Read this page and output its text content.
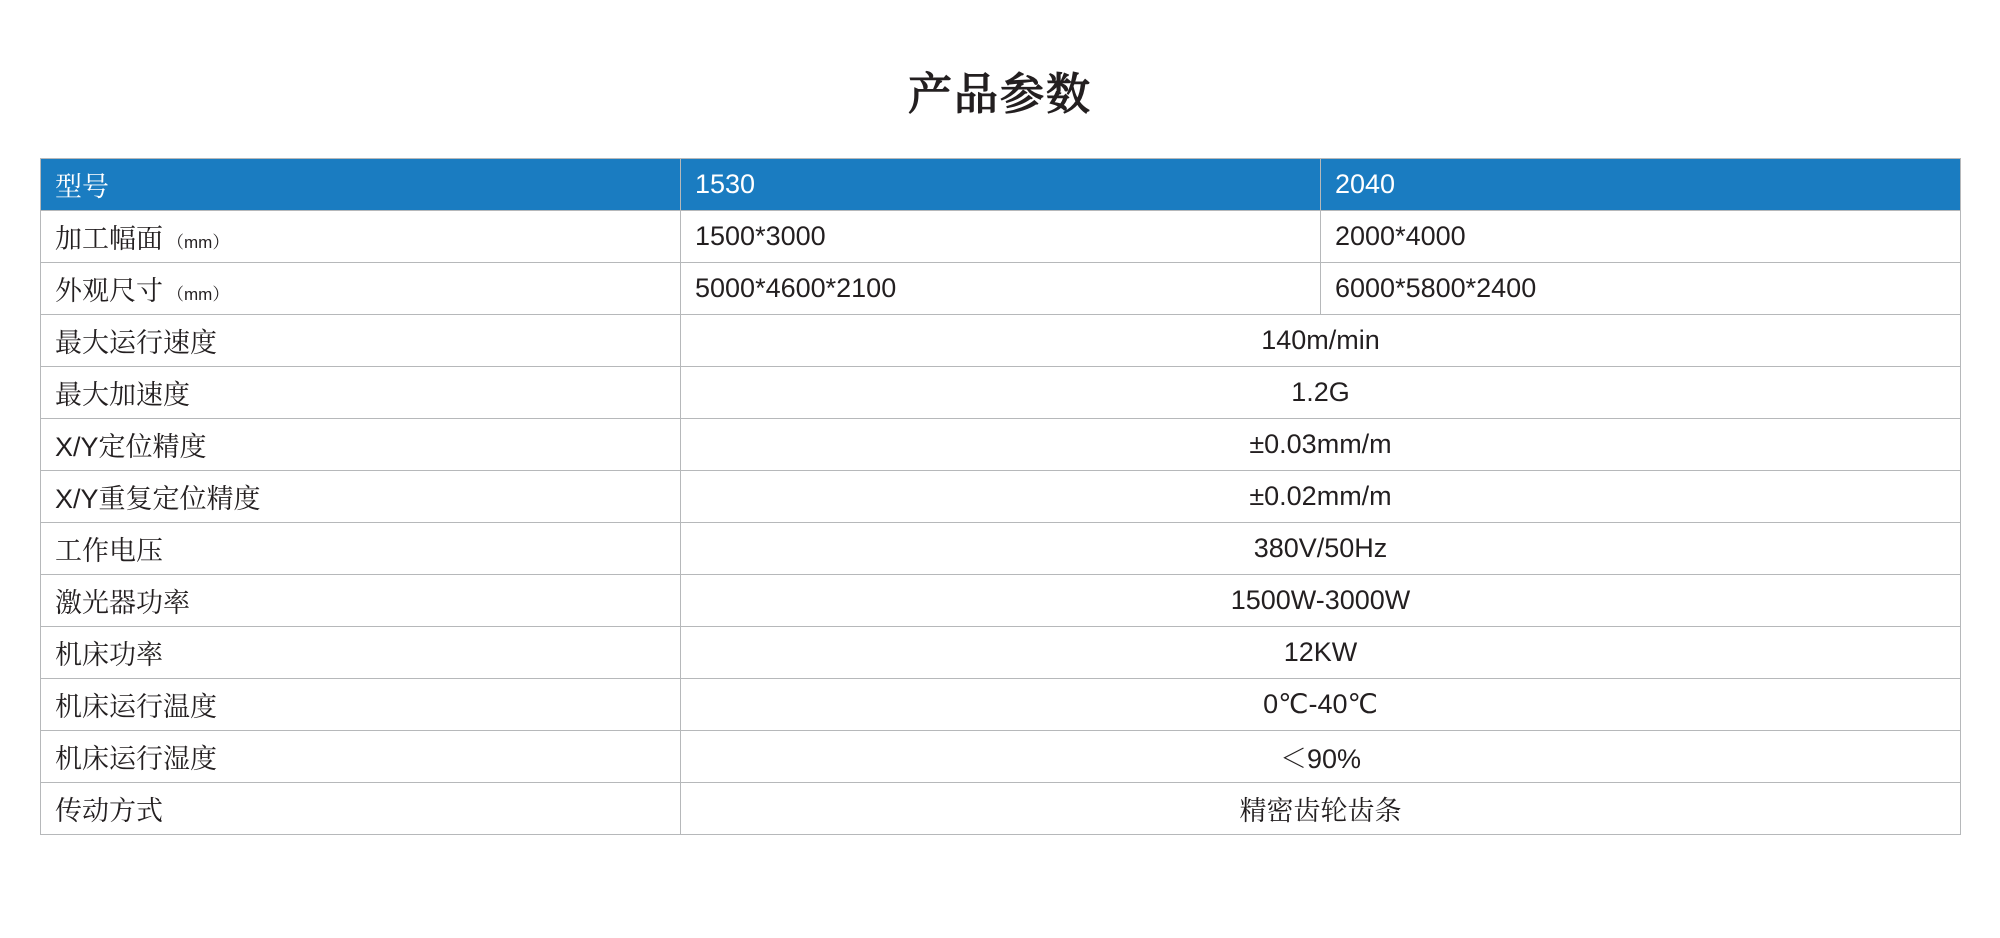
产品参数
型号	1530	2040
加工幅面 （mm）	1500*3000	2000*4000
外观尺寸 （mm）	5000*4600*2100	6000*5800*2400
最大运行速度	140m/min	
最大加速度	1.2G	
X/Y定位精度	±0.03mm/m	
X/Y重复定位精度	±0.02mm/m	
工作电压	380V/50Hz	
激光器功率	1500W-3000W	
机床功率	12KW	
机床运行温度	0℃-40℃	
机床运行湿度	＜90%	
传动方式	精密齿轮齿条	
